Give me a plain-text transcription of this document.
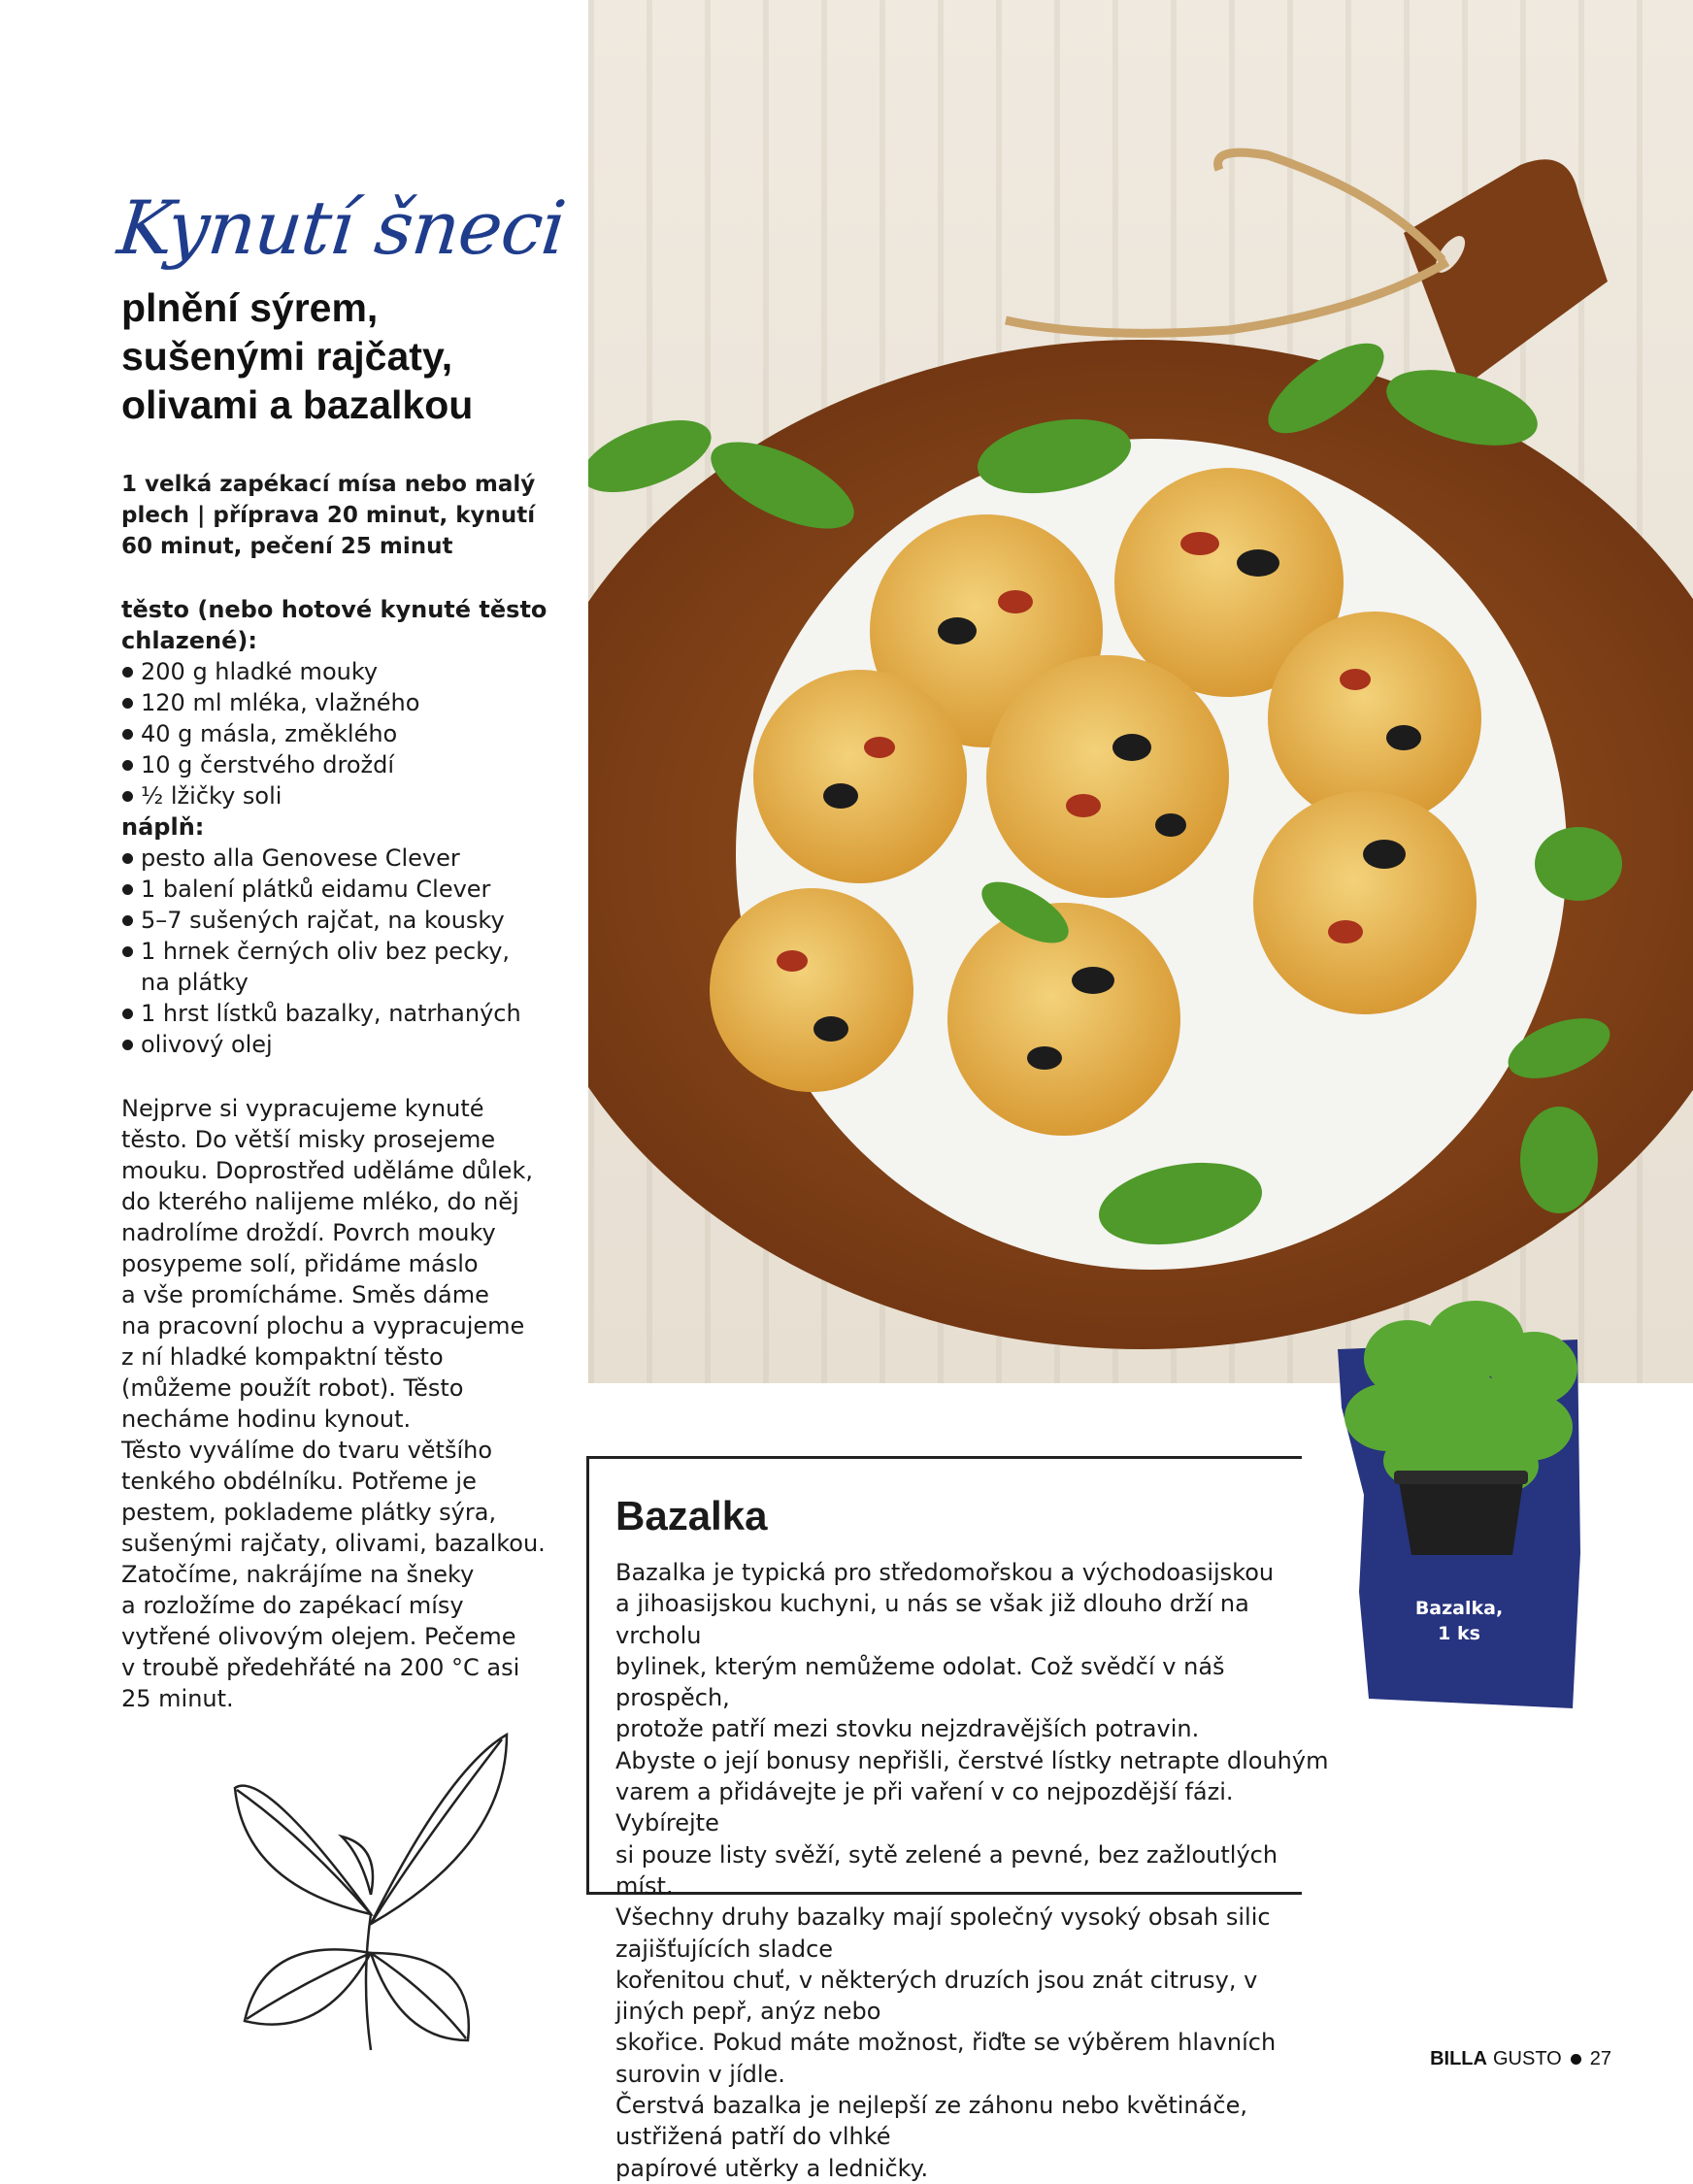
Kynutí šneci
plnění sýrem,
sušenými rajčaty,
olivami a bazalkou
1 velká zapékací mísa nebo malý
plech | příprava 20 minut, kynutí
60 minut, pečení 25 minut
těsto (nebo hotové kynuté těsto chlazené):
200 g hladké mouky
120 ml mléka, vlažného
40 g másla, změklého
10 g čerstvého droždí
½ lžičky soli
náplň:
pesto alla Genovese Clever
1 balení plátků eidamu Clever
5–7 sušených rajčat, na kousky
1 hrnek černých oliv bez pecky,
na plátky
1 hrst lístků bazalky, natrhaných
olivový olej
Nejprve si vypracujeme kynuté
těsto. Do větší misky prosejeme
mouku. Doprostřed uděláme důlek,
do kterého nalijeme mléko, do něj
nadrolíme droždí. Povrch mouky
posypeme solí, přidáme máslo
a vše promícháme. Směs dáme
na pracovní plochu a vypracujeme
z ní hladké kompaktní těsto
(můžeme použít robot). Těsto
necháme hodinu kynout.
Těsto vyválíme do tvaru většího
tenkého obdélníku. Potřeme je
pestem, poklademe plátky sýra,
sušenými rajčaty, olivami, bazalkou.
Zatočíme, nakrájíme na šneky
a rozložíme do zapékací mísy
vytřené olivovým olejem. Pečeme
v troubě předehřáté na 200 °C asi
25 minut.
Bazalka
Bazalka je typická pro středomořskou a východoasijskou
a jihoasijskou kuchyni, u nás se však již dlouho drží na vrcholu
bylinek, kterým nemůžeme odolat. Což svědčí v náš prospěch,
protože patří mezi stovku nejzdravějších potravin.
Abyste o její bonusy nepřišli, čerstvé lístky netrapte dlouhým
varem a přidávejte je při vaření v co nejpozdější fázi. Vybírejte
si pouze listy svěží, sytě zelené a pevné, bez zažloutlých míst.
Všechny druhy bazalky mají společný vysoký obsah silic zajišťujících sladce
kořenitou chuť, v některých druzích jsou znát citrusy, v jiných pepř, anýz nebo
skořice. Pokud máte možnost, řiďte se výběrem hlavních surovin v jídle.
Čerstvá bazalka je nejlepší ze záhonu nebo květináče, ustřižená patří do vlhké
papírové utěrky a ledničky.
Bazalka,
1 ks
BILLA GUSTO 27
